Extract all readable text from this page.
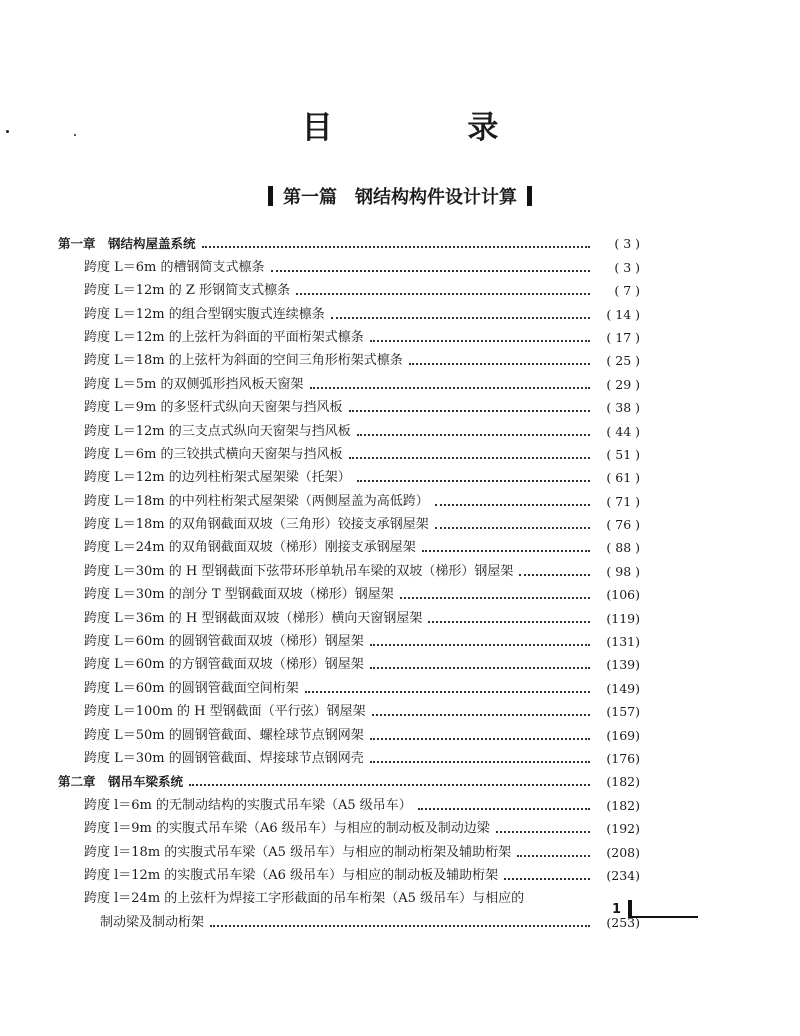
目 录
第一篇　钢结构构件设计计算
第一章　钢结构屋盖系统	( 3 )
跨度 L＝6m 的槽钢简支式檩条	( 3 )
跨度 L＝12m 的 Z 形钢简支式檩条	( 7 )
跨度 L＝12m 的组合型钢实腹式连续檩条	( 14 )
跨度 L＝12m 的上弦杆为斜面的平面桁架式檩条	( 17 )
跨度 L＝18m 的上弦杆为斜面的空间三角形桁架式檩条	( 25 )
跨度 L＝5m 的双侧弧形挡风板天窗架	( 29 )
跨度 L＝9m 的多竖杆式纵向天窗架与挡风板	( 38 )
跨度 L＝12m 的三支点式纵向天窗架与挡风板	( 44 )
跨度 L＝6m 的三铰拱式横向天窗架与挡风板	( 51 )
跨度 L＝12m 的边列柱桁架式屋架梁（托架）	( 61 )
跨度 L＝18m 的中列柱桁架式屋架梁（两侧屋盖为高低跨）	( 71 )
跨度 L＝18m 的双角钢截面双坡（三角形）铰接支承钢屋架	( 76 )
跨度 L＝24m 的双角钢截面双坡（梯形）刚接支承钢屋架	( 88 )
跨度 L＝30m 的 H 型钢截面下弦带环形单轨吊车梁的双坡（梯形）钢屋架	( 98 )
跨度 L＝30m 的剖分 T 型钢截面双坡（梯形）钢屋架	(106)
跨度 L＝36m 的 H 型钢截面双坡（梯形）横向天窗钢屋架	(119)
跨度 L＝60m 的圆钢管截面双坡（梯形）钢屋架	(131)
跨度 L＝60m 的方钢管截面双坡（梯形）钢屋架	(139)
跨度 L＝60m 的圆钢管截面空间桁架	(149)
跨度 L＝100m 的 H 型钢截面（平行弦）钢屋架	(157)
跨度 L＝50m 的圆钢管截面、螺栓球节点钢网架	(169)
跨度 L＝30m 的圆钢管截面、焊接球节点钢网壳	(176)
第二章　钢吊车梁系统	(182)
跨度 l＝6m 的无制动结构的实腹式吊车梁（A5 级吊车）	(182)
跨度 l＝9m 的实腹式吊车梁（A6 级吊车）与相应的制动板及制动边梁	(192)
跨度 l＝18m 的实腹式吊车梁（A5 级吊车）与相应的制动桁架及辅助桁架	(208)
跨度 l＝12m 的实腹式吊车梁（A6 级吊车）与相应的制动板及辅助桁架	(234)
跨度 l＝24m 的上弦杆为焊接工字形截面的吊车桁架（A5 级吊车）与相应的
制动梁及制动桁架	(253)
1
